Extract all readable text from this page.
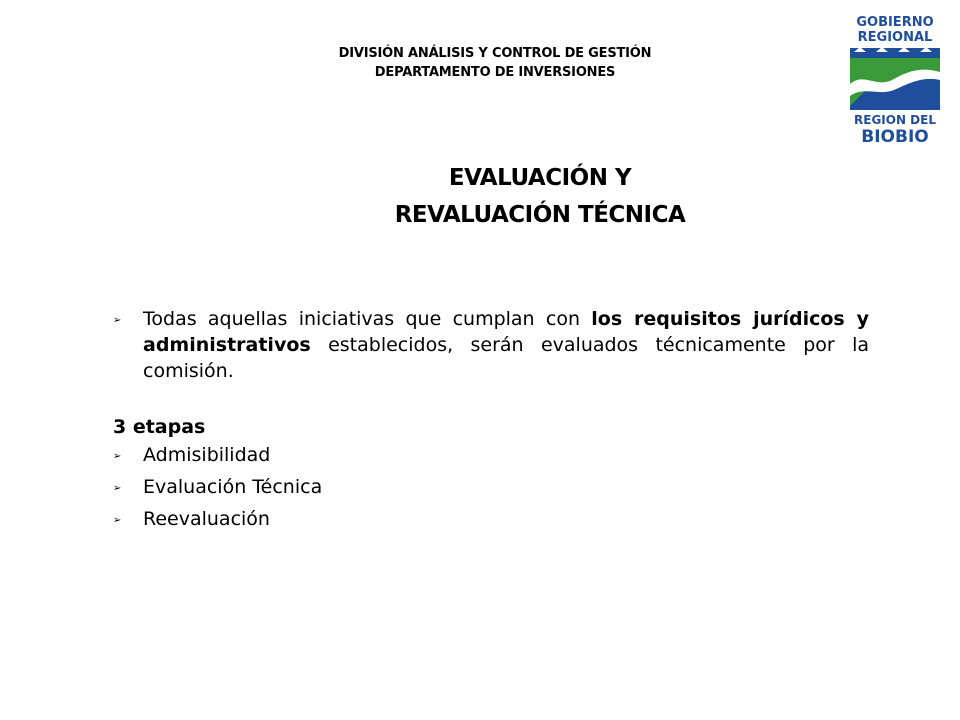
DIVISIÓN ANÁLISIS Y CONTROL DE GESTIÓN
DEPARTAMENTO DE INVERSIONES
GOBIERNO
REGIONAL
REGION DEL
BIOBIO
EVALUACIÓN Y
REVALUACIÓN TÉCNICA
➢	Todas aquellas iniciativas que cumplan con los requisitos jurídicos y administrativos establecidos, serán evaluados técnicamente por la comisión.
3 etapas
➢	Admisibilidad
➢	Evaluación Técnica
➢	Reevaluación
